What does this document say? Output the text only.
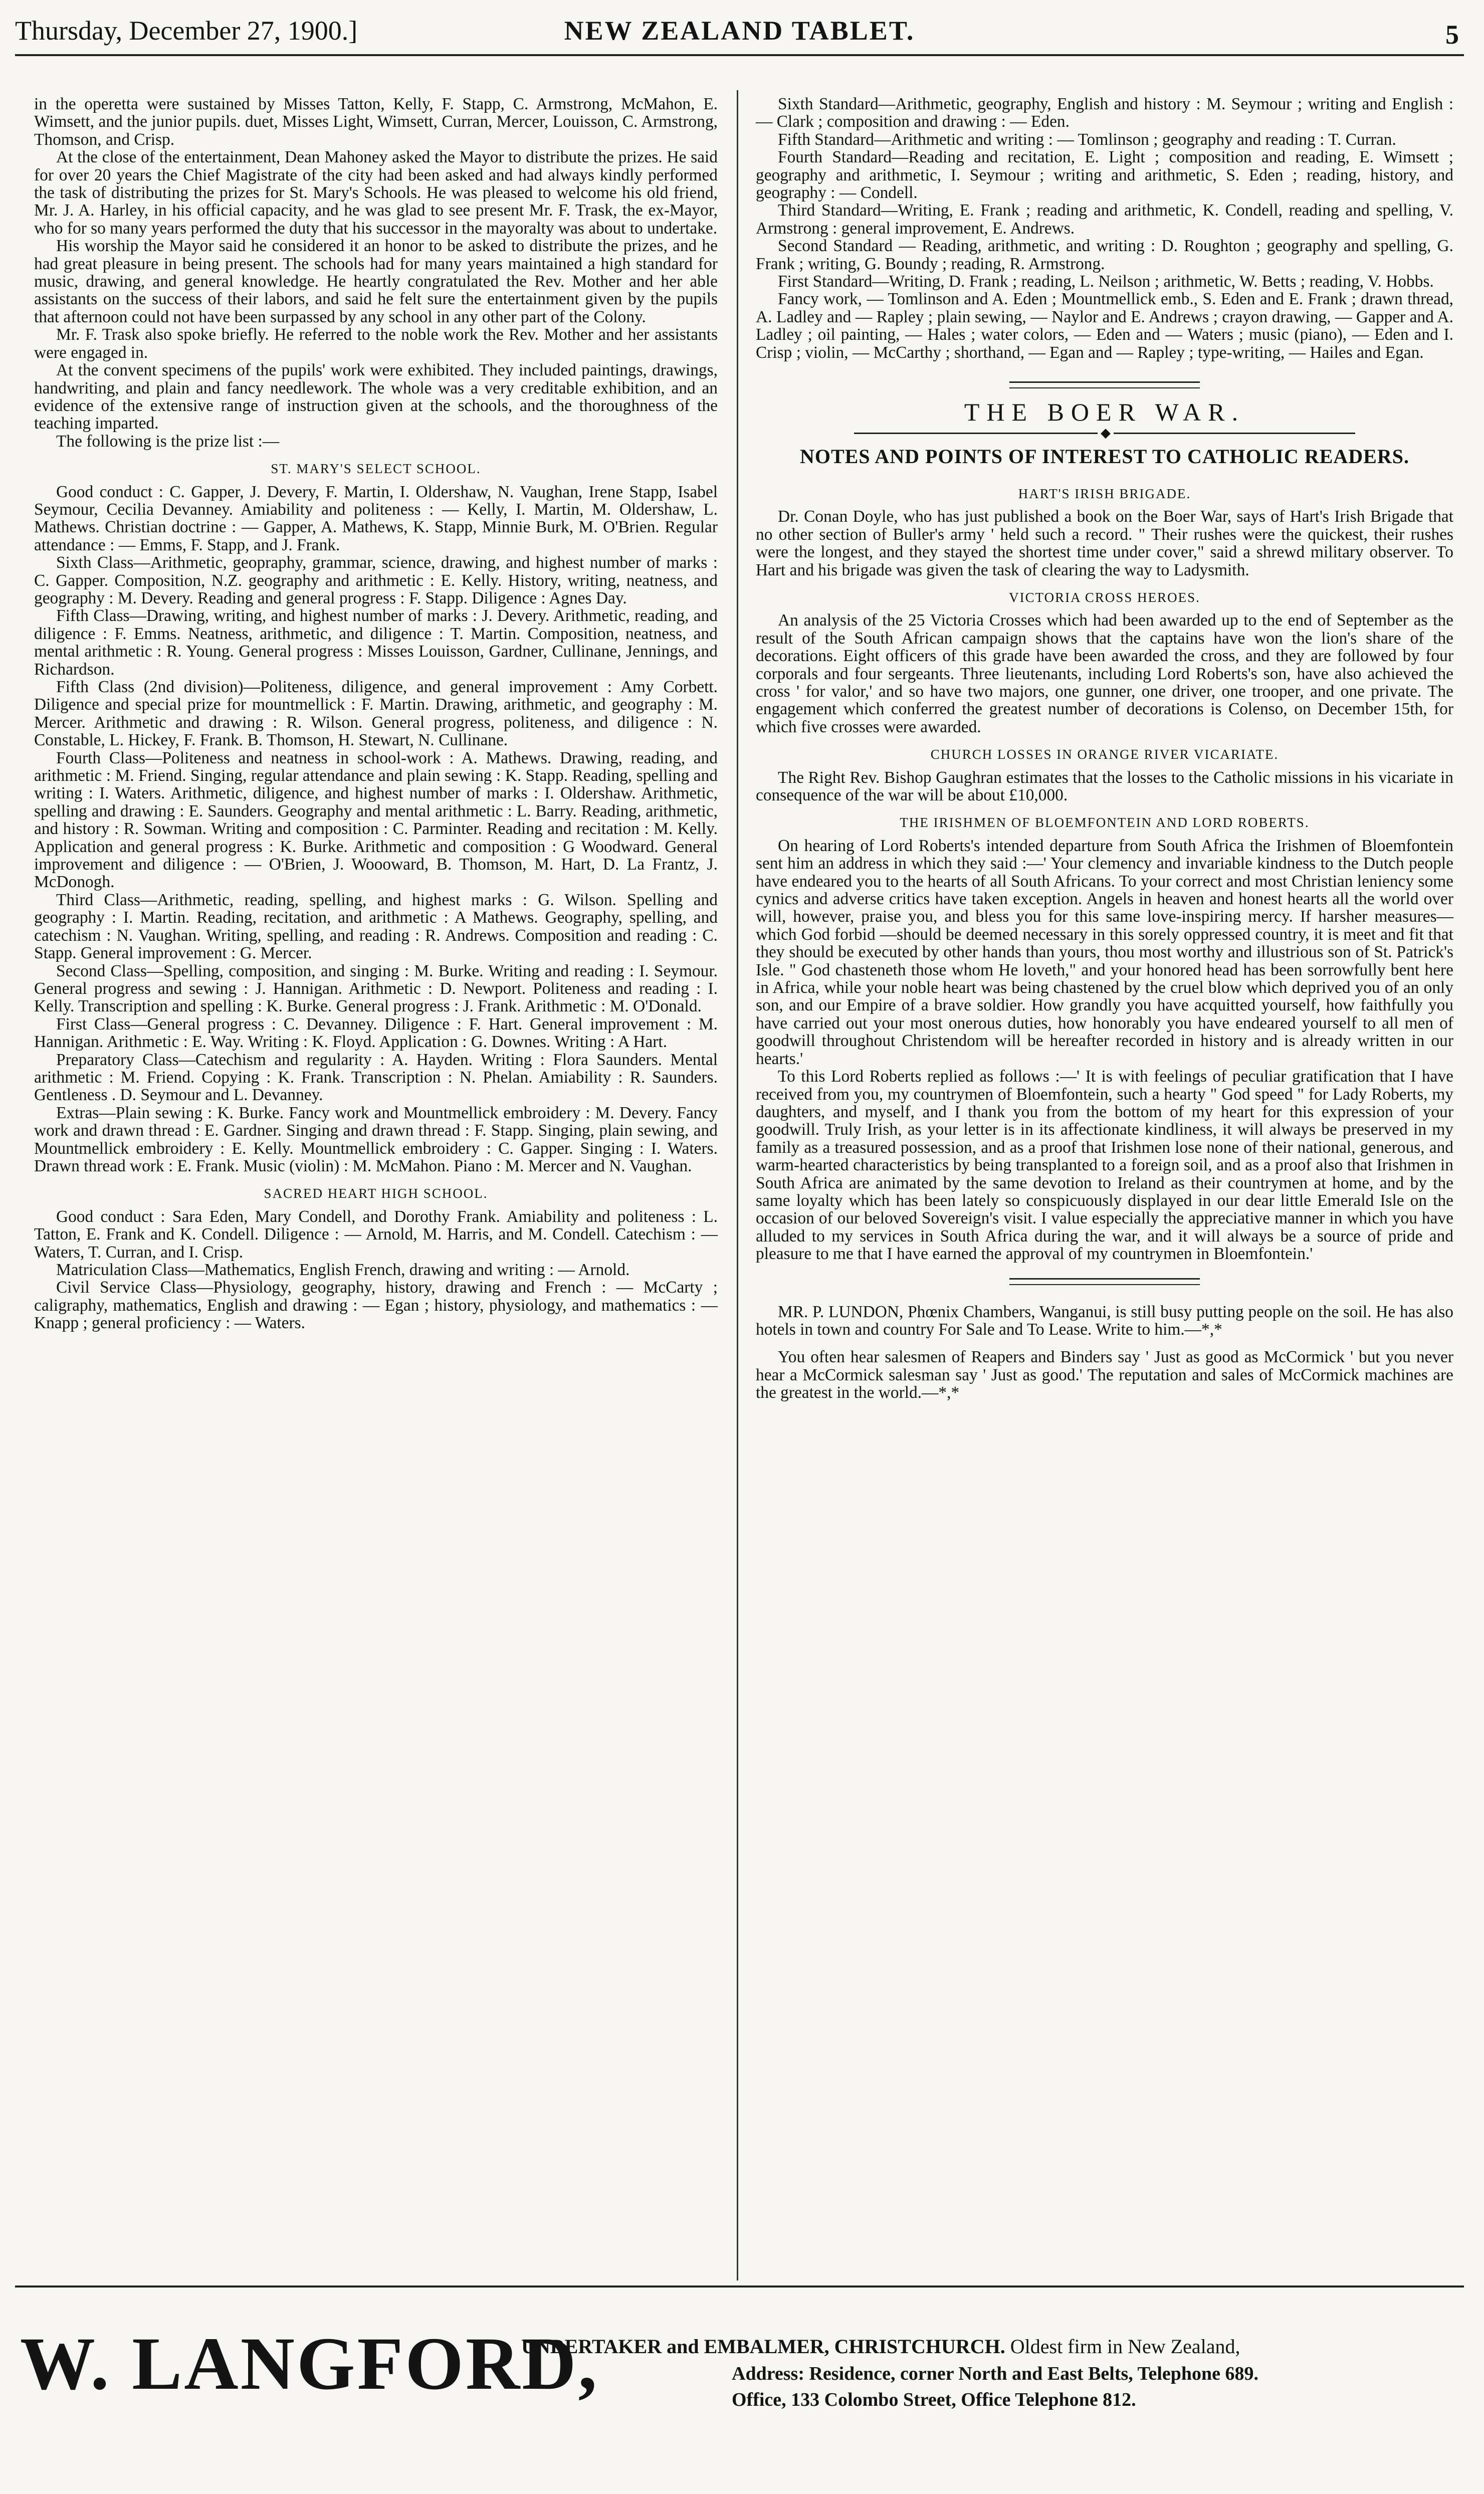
Thursday, December 27, 1900.]	NEW ZEALAND TABLET.	5

in the operetta were sustained by Misses Tatton, Kelly, F. Stapp, C. Armstrong, McMahon, E. Wimsett, and the junior pupils. duet, Misses Light, Wimsett, Curran, Mercer, Louisson, C. Armstrong, Thomson, and Crisp.

At the close of the entertainment, Dean Mahoney asked the Mayor to distribute the prizes. He said for over 20 years the Chief Magistrate of the city had been asked and had always kindly performed the task of distributing the prizes for St. Mary's Schools. He was pleased to welcome his old friend, Mr. J. A. Harley, in his official capacity, and he was glad to see present Mr. F. Trask, the ex-Mayor, who for so many years performed the duty that his successor in the mayoralty was about to undertake.

His worship the Mayor said he considered it an honor to be asked to distribute the prizes, and he had great pleasure in being present. The schools had for many years maintained a high standard for music, drawing, and general knowledge. He heartly congratulated the Rev. Mother and her able assistants on the success of their labors, and said he felt sure the entertainment given by the pupils that afternoon could not have been surpassed by any school in any other part of the Colony.

Mr. F. Trask also spoke briefly. He referred to the noble work the Rev. Mother and her assistants were engaged in.

At the convent specimens of the pupils' work were exhibited. They included paintings, drawings, handwriting, and plain and fancy needlework. The whole was a very creditable exhibition, and an evidence of the extensive range of instruction given at the schools, and the thoroughness of the teaching imparted.

The following is the prize list :—

ST. MARY'S SELECT SCHOOL.

Good conduct : C. Gapper, J. Devery, F. Martin, I. Oldershaw, N. Vaughan, Irene Stapp, Isabel Seymour, Cecilia Devanney. Amiability and politeness : — Kelly, I. Martin, M. Oldershaw, L. Mathews. Christian doctrine : — Gapper, A. Mathews, K. Stapp, Minnie Burk, M. O'Brien. Regular attendance : — Emms, F. Stapp, and J. Frank.

Sixth Class—Arithmetic, geopraphy, grammar, science, drawing, and highest number of marks : C. Gapper. Composition, N.Z. geography and arithmetic : E. Kelly. History, writing, neatness, and geography : M. Devery. Reading and general progress : F. Stapp. Diligence : Agnes Day.

Fifth Class—Drawing, writing, and highest number of marks : J. Devery. Arithmetic, reading, and diligence : F. Emms. Neatness, arithmetic, and diligence : T. Martin. Composition, neatness, and mental arithmetic : R. Young. General progress : Misses Louisson, Gardner, Cullinane, Jennings, and Richardson.

Fifth Class (2nd division)—Politeness, diligence, and general improvement : Amy Corbett. Diligence and special prize for mountmellick : F. Martin. Drawing, arithmetic, and geography : M. Mercer. Arithmetic and drawing : R. Wilson. General progress, politeness, and diligence : N. Constable, L. Hickey, F. Frank. B. Thomson, H. Stewart, N. Cullinane.

Fourth Class—Politeness and neatness in school-work : A. Mathews. Drawing, reading, and arithmetic : M. Friend. Singing, regular attendance and plain sewing : K. Stapp. Reading, spelling and writing : I. Waters. Arithmetic, diligence, and highest number of marks : I. Oldershaw. Arithmetic, spelling and drawing : E. Saunders. Geography and mental arithmetic : L. Barry. Reading, arithmetic, and history : R. Sowman. Writing and composition : C. Parminter. Reading and recitation : M. Kelly. Application and general progress : K. Burke. Arithmetic and composition : G Woodward. General improvement and diligence : — O'Brien, J. Woooward, B. Thomson, M. Hart, D. La Frantz, J. McDonogh.

Third Class—Arithmetic, reading, spelling, and highest marks : G. Wilson. Spelling and geography : I. Martin. Reading, recitation, and arithmetic : A Mathews. Geography, spelling, and catechism : N. Vaughan. Writing, spelling, and reading : R. Andrews. Composition and reading : C. Stapp. General improvement : G. Mercer.

Second Class—Spelling, composition, and singing : M. Burke. Writing and reading : I. Seymour. General progress and sewing : J. Hannigan. Arithmetic : D. Newport. Politeness and reading : I. Kelly. Transcription and spelling : K. Burke. General progress : J. Frank. Arithmetic : M. O'Donald.

First Class—General progress : C. Devanney. Diligence : F. Hart. General improvement : M. Hannigan. Arithmetic : E. Way. Writing : K. Floyd. Application : G. Downes. Writing : A Hart.

Preparatory Class—Catechism and regularity : A. Hayden. Writing : Flora Saunders. Mental arithmetic : M. Friend. Copying : K. Frank. Transcription : N. Phelan. Amiability : R. Saunders. Gentleness . D. Seymour and L. Devanney.

Extras—Plain sewing : K. Burke. Fancy work and Mountmellick embroidery : M. Devery. Fancy work and drawn thread : E. Gardner. Singing and drawn thread : F. Stapp. Singing, plain sewing, and Mountmellick embroidery : E. Kelly. Mountmellick embroidery : C. Gapper. Singing : I. Waters. Drawn thread work : E. Frank. Music (violin) : M. McMahon. Piano : M. Mercer and N. Vaughan.

SACRED HEART HIGH SCHOOL.

Good conduct : Sara Eden, Mary Condell, and Dorothy Frank. Amiability and politeness : L. Tatton, E. Frank and K. Condell. Diligence : — Arnold, M. Harris, and M. Condell. Catechism : — Waters, T. Curran, and I. Crisp.

Matriculation Class—Mathematics, English French, drawing and writing : — Arnold.

Civil Service Class—Physiology, geography, history, drawing and French : — McCarty ; caligraphy, mathematics, English and drawing : — Egan ; history, physiology, and mathematics : — Knapp ; general proficiency : — Waters.

Sixth Standard—Arithmetic, geography, English and history : M. Seymour ; writing and English : — Clark ; composition and drawing : — Eden.

Fifth Standard—Arithmetic and writing : — Tomlinson ; geography and reading : T. Curran.

Fourth Standard—Reading and recitation, E. Light ; composition and reading, E. Wimsett ; geography and arithmetic, I. Seymour ; writing and arithmetic, S. Eden ; reading, history, and geography : — Condell.

Third Standard—Writing, E. Frank ; reading and arithmetic, K. Condell, reading and spelling, V. Armstrong : general improvement, E. Andrews.

Second Standard — Reading, arithmetic, and writing : D. Roughton ; geography and spelling, G. Frank ; writing, G. Boundy ; reading, R. Armstrong.

First Standard—Writing, D. Frank ; reading, L. Neilson ; arithmetic, W. Betts ; reading, V. Hobbs.

Fancy work, — Tomlinson and A. Eden ; Mountmellick emb., S. Eden and E. Frank ; drawn thread, A. Ladley and — Rapley ; plain sewing, — Naylor and E. Andrews ; crayon drawing, — Gapper and A. Ladley ; oil painting, — Hales ; water colors, — Eden and — Waters ; music (piano), — Eden and I. Crisp ; violin, — McCarthy ; shorthand, — Egan and — Rapley ; type-writing, — Hailes and Egan.

THE BOER WAR.
◆
NOTES AND POINTS OF INTEREST TO CATHOLIC READERS.
HART'S IRISH BRIGADE.

Dr. Conan Doyle, who has just published a book on the Boer War, says of Hart's Irish Brigade that no other section of Buller's army ' held such a record. " Their rushes were the quickest, their rushes were the longest, and they stayed the shortest time under cover," said a shrewd military observer. To Hart and his brigade was given the task of clearing the way to Ladysmith.

VICTORIA CROSS HEROES.

An analysis of the 25 Victoria Crosses which had been awarded up to the end of September as the result of the South African campaign shows that the captains have won the lion's share of the decorations. Eight officers of this grade have been awarded the cross, and they are followed by four corporals and four sergeants. Three lieutenants, including Lord Roberts's son, have also achieved the cross ' for valor,' and so have two majors, one gunner, one driver, one trooper, and one private. The engagement which conferred the greatest number of decorations is Colenso, on December 15th, for which five crosses were awarded.

CHURCH LOSSES IN ORANGE RIVER VICARIATE.

The Right Rev. Bishop Gaughran estimates that the losses to the Catholic missions in his vicariate in consequence of the war will be about £10,000.

THE IRISHMEN OF BLOEMFONTEIN AND LORD ROBERTS.

On hearing of Lord Roberts's intended departure from South Africa the Irishmen of Bloemfontein sent him an address in which they said :—' Your clemency and invariable kindness to the Dutch people have endeared you to the hearts of all South Africans. To your correct and most Christian leniency some cynics and adverse critics have taken exception. Angels in heaven and honest hearts all the world over will, however, praise you, and bless you for this same love-inspiring mercy. If harsher measures—which God forbid —should be deemed necessary in this sorely oppressed country, it is meet and fit that they should be executed by other hands than yours, thou most worthy and illustrious son of St. Patrick's Isle. " God chasteneth those whom He loveth," and your honored head has been sorrowfully bent here in Africa, while your noble heart was being chastened by the cruel blow which deprived you of an only son, and our Empire of a brave soldier. How grandly you have acquitted yourself, how faithfully you have carried out your most onerous duties, how honorably you have endeared yourself to all men of goodwill throughout Christendom will be hereafter recorded in history and is already written in our hearts.'

To this Lord Roberts replied as follows :—' It is with feelings of peculiar gratification that I have received from you, my countrymen of Bloemfontein, such a hearty " God speed " for Lady Roberts, my daughters, and myself, and I thank you from the bottom of my heart for this expression of your goodwill. Truly Irish, as your letter is in its affectionate kindliness, it will always be preserved in my family as a treasured possession, and as a proof that Irishmen lose none of their national, generous, and warm-hearted characteristics by being transplanted to a foreign soil, and as a proof also that Irishmen in South Africa are animated by the same devotion to Ireland as their countrymen at home, and by the same loyalty which has been lately so conspicuously displayed in our dear little Emerald Isle on the occasion of our beloved Sovereign's visit. I value especially the appreciative manner in which you have alluded to my services in South Africa during the war, and it will always be a source of pride and pleasure to me that I have earned the approval of my countrymen in Bloemfontein.'

MR. P. LUNDON, Phœnix Chambers, Wanganui, is still busy putting people on the soil. He has also hotels in town and country For Sale and To Lease. Write to him.—*,*

You often hear salesmen of Reapers and Binders say ' Just as good as McCormick ' but you never hear a McCormick salesman say ' Just as good.' The reputation and sales of McCormick machines are the greatest in the world.—*,*

W. LANGFORD,
UNDERTAKER and EMBALMER, CHRISTCHURCH. Oldest firm in New Zealand,
Address: Residence, corner North and East Belts, Telephone 689.
Office, 133 Colombo Street, Office Telephone 812.
